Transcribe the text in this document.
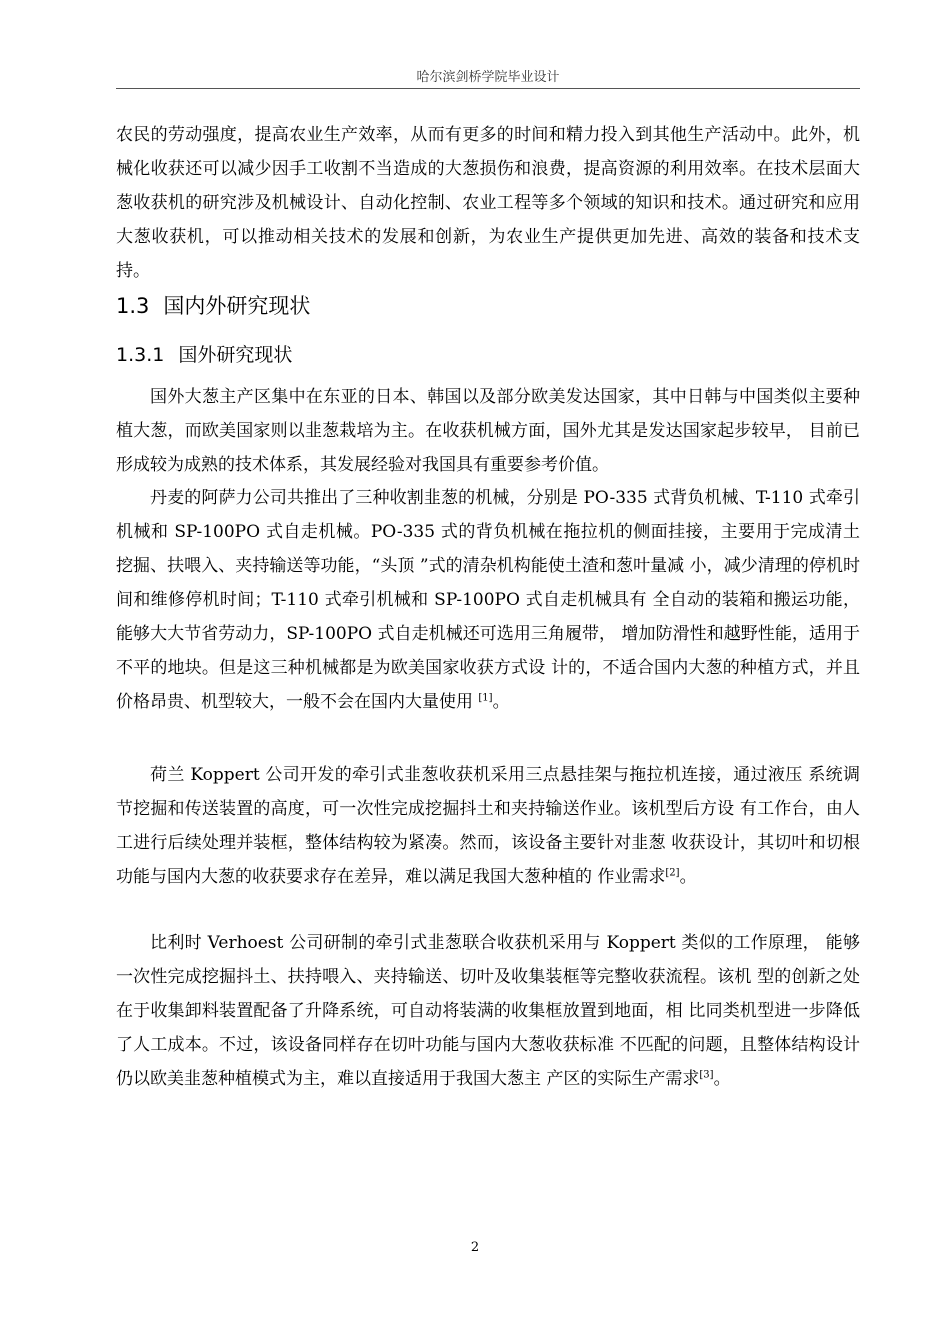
哈尔滨剑桥学院毕业设计

农民的劳动强度，提高农业生产效率，从而有更多的时间和精力投入到其他生产活动中。此外，机械化收获还可以减少因手工收割不当造成的大葱损伤和浪费，提高资源的利用效率。在技术层面大葱收获机的研究涉及机械设计、自动化控制、农业工程等多个领域的知识和技术。通过研究和应用大葱收获机，可以推动相关技术的发展和创新，为农业生产提供更加先进、高效的装备和技术支持。

1.3 国内外研究现状
1.3.1 国外研究现状

国外大葱主产区集中在东亚的日本、韩国以及部分欧美发达国家，其中日韩与中国类似主要种植大葱，而欧美国家则以韭葱栽培为主。在收获机械方面，国外尤其是发达国家起步较早， 目前已形成较为成熟的技术体系，其发展经验对我国具有重要参考价值。

丹麦的阿萨力公司共推出了三种收割韭葱的机械，分别是 PO-335 式背负机械、T-110 式牵引机械和 SP-100PO 式自走机械。PO-335 式的背负机械在拖拉机的侧面挂接，主要用于完成清土挖掘、扶喂入、夹持输送等功能，“头顶 ”式的清杂机构能使土渣和葱叶量减 小，减少清理的停机时间和维修停机时间；T-110 式牵引机械和 SP-100PO 式自走机械具有 全自动的装箱和搬运功能，能够大大节省劳动力，SP-100PO 式自走机械还可选用三角履带， 增加防滑性和越野性能，适用于不平的地块。但是这三种机械都是为欧美国家收获方式设 计的，不适合国内大葱的种植方式，并且价格昂贵、机型较大，一般不会在国内大量使用 [1]。

荷兰 Koppert 公司开发的牵引式韭葱收获机采用三点悬挂架与拖拉机连接，通过液压 系统调节挖掘和传送装置的高度，可一次性完成挖掘抖土和夹持输送作业。该机型后方设 有工作台，由人工进行后续处理并装框，整体结构较为紧凑。然而，该设备主要针对韭葱 收获设计，其切叶和切根功能与国内大葱的收获要求存在差异，难以满足我国大葱种植的 作业需求[2]。

比利时 Verhoest 公司研制的牵引式韭葱联合收获机采用与 Koppert 类似的工作原理， 能够一次性完成挖掘抖土、扶持喂入、夹持输送、切叶及收集装框等完整收获流程。该机 型的创新之处在于收集卸料装置配备了升降系统，可自动将装满的收集框放置到地面，相 比同类机型进一步降低了人工成本。不过，该设备同样存在切叶功能与国内大葱收获标准 不匹配的问题，且整体结构设计仍以欧美韭葱种植模式为主，难以直接适用于我国大葱主 产区的实际生产需求[3]。

2
